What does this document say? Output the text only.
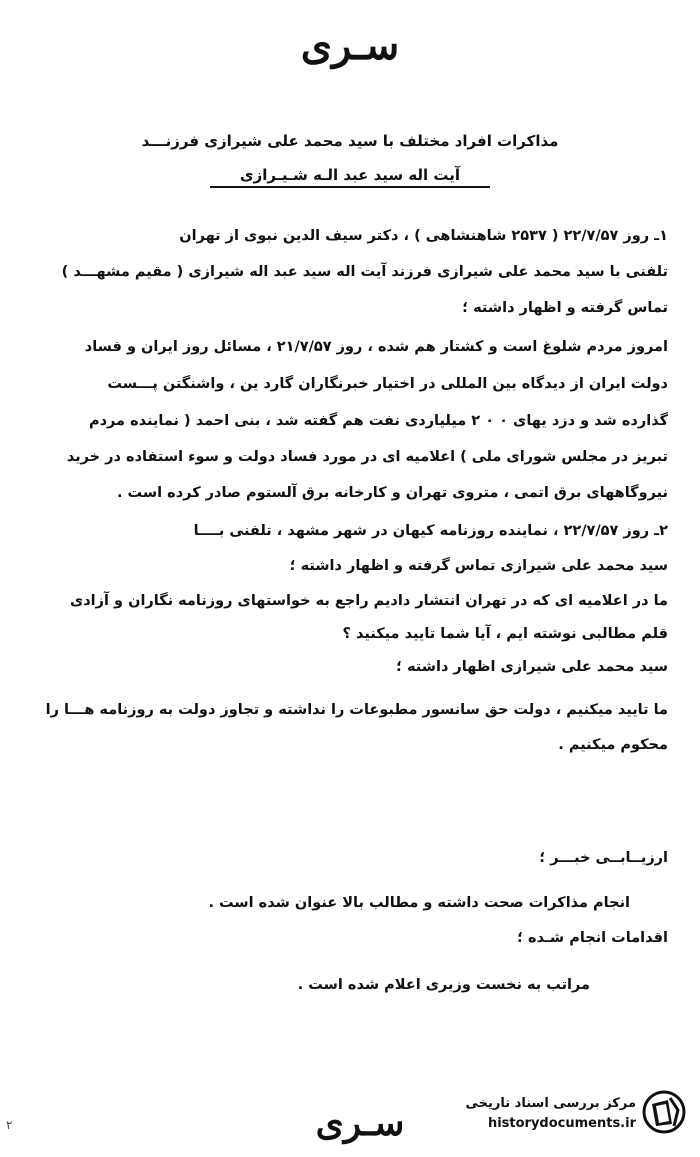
سـری
مذاکرات افراد مختلف با سید محمد علی شیرازی فرزنـــد
آیت اله سید عبد الـه شـیـرازی
۱ـ روز ۲۲/۷/۵۷ ( ۲۵۳۷ شاهنشاهی ) ، دکتر سیف الدین نبوی از تهران
تلفنی با سید محمد علی شیرازی فرزند آیت اله سید عبد اله شیرازی ( مقیم مشهـــد )
تماس گرفته و اظهار داشته ؛
امروز مردم شلوغ است و کشتار هم شده ، روز ۲۱/۷/۵۷ ، مسائل روز ایران و فساد
دولت ایران از دیدگاه بین المللی در اختیار خبرنگاران گارد ین ، واشنگتن پـــست
گذارده شد و دزد یهای ۰ ۰ ۲ میلیاردی نفت هم گفته شد ، بنی احمد ( نماینده مردم
تبریز در مجلس شورای ملی ) اعلامیه ای در مورد فساد دولت و سوء استفاده در خرید
نیروگاههای برق اتمی ، متروی تهران و کارخانه برق آلستوم صادر کرده است .
۲ـ روز ۲۲/۷/۵۷ ، نماینده روزنامه کیهان در شهر مشهد ، تلفنی بــــا
سید محمد علی شیرازی تماس گرفته و اظهار داشته ؛
ما در اعلامیه ای که در تهران انتشار دادیم راجع به خواستهای روزنامه نگاران و آزادی
قلم مطالبی نوشته ایم ، آیا شما تایید میکنید ؟
سید محمد علی شیرازی اظهار داشته ؛
ما تایید میکنیم ، دولت حق سانسور مطبوعات را نداشته و تجاوز دولت به روزنامه هـــا را
محکوم میکنیم .
ارزیــابــی خبـــر ؛
انجام مذاکرات صحت داشته و مطالب بالا عنوان شده است .
اقدامات انجام شـده ؛
مراتب به نخست وزیری اعلام شده است .
سـری
۲
مرکز بررسی اسناد تاریخی
historydocuments.ir
